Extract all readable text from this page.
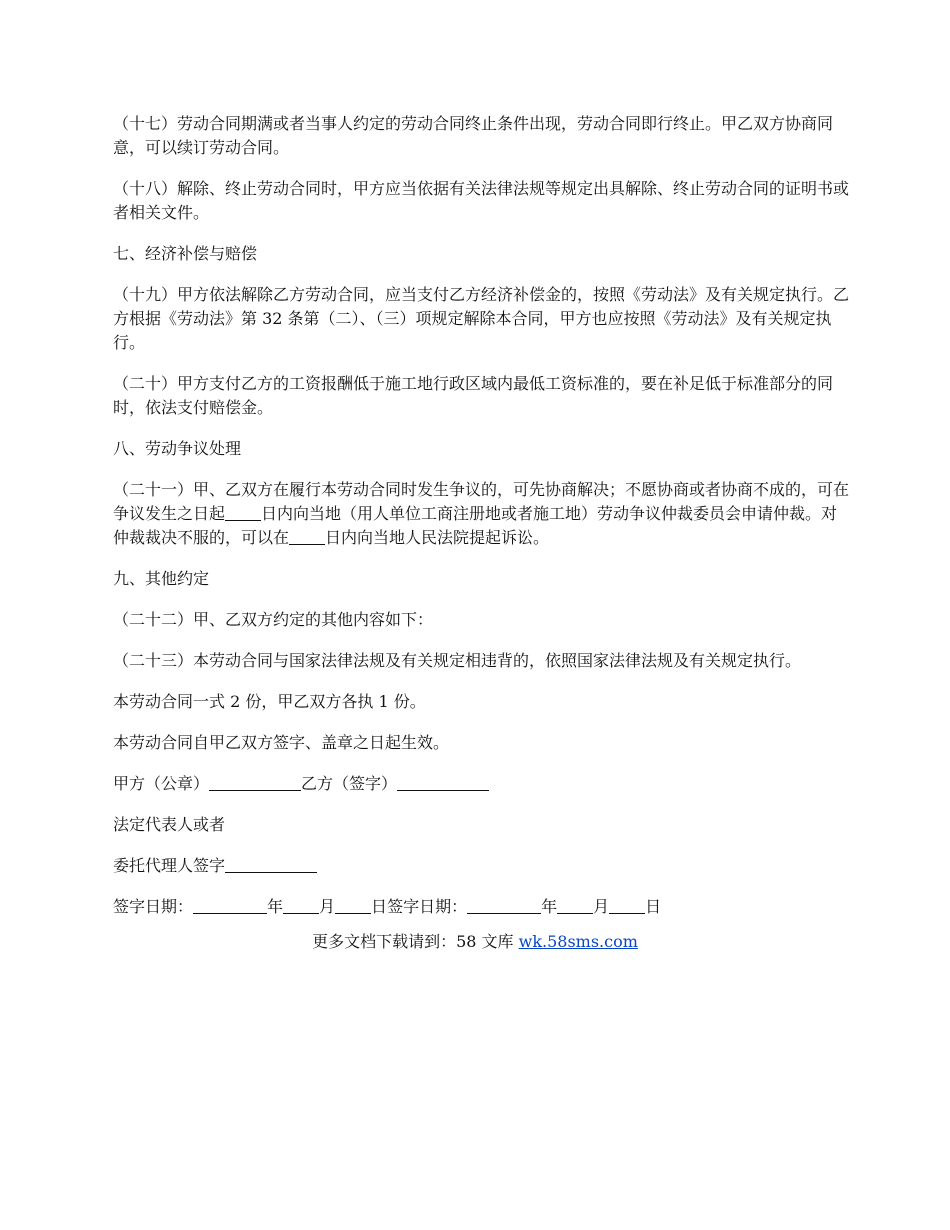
（十七）劳动合同期满或者当事人约定的劳动合同终止条件出现，劳动合同即行终止。甲乙双方协商同意，可以续订劳动合同。

（十八）解除、终止劳动合同时，甲方应当依据有关法律法规等规定出具解除、终止劳动合同的证明书或者相关文件。

七、经济补偿与赔偿

（十九）甲方依法解除乙方劳动合同，应当支付乙方经济补偿金的，按照《劳动法》及有关规定执行。乙方根据《劳动法》第 32 条第（二）、（三）项规定解除本合同，甲方也应按照《劳动法》及有关规定执行。

（二十）甲方支付乙方的工资报酬低于施工地行政区域内最低工资标准的，要在补足低于标准部分的同时，依法支付赔偿金。

八、劳动争议处理

（二十一）甲、乙双方在履行本劳动合同时发生争议的，可先协商解决；不愿协商或者协商不成的，可在争议发生之日起 日内向当地（用人单位工商注册地或者施工地）劳动争议仲裁委员会申请仲裁。对仲裁裁决不服的，可以在 日内向当地人民法院提起诉讼。

九、其他约定

（二十二）甲、乙双方约定的其他内容如下：

（二十三）本劳动合同与国家法律法规及有关规定相违背的，依照国家法律法规及有关规定执行。

本劳动合同一式 2 份，甲乙双方各执 1 份。

本劳动合同自甲乙双方签字、盖章之日起生效。

甲方（公章）	乙方（签字）

法定代表人或者

委托代理人签字

签字日期：	年 月 日签字日期：	年 月 日

更多文档下载请到：58 文库 wk.58sms.com
